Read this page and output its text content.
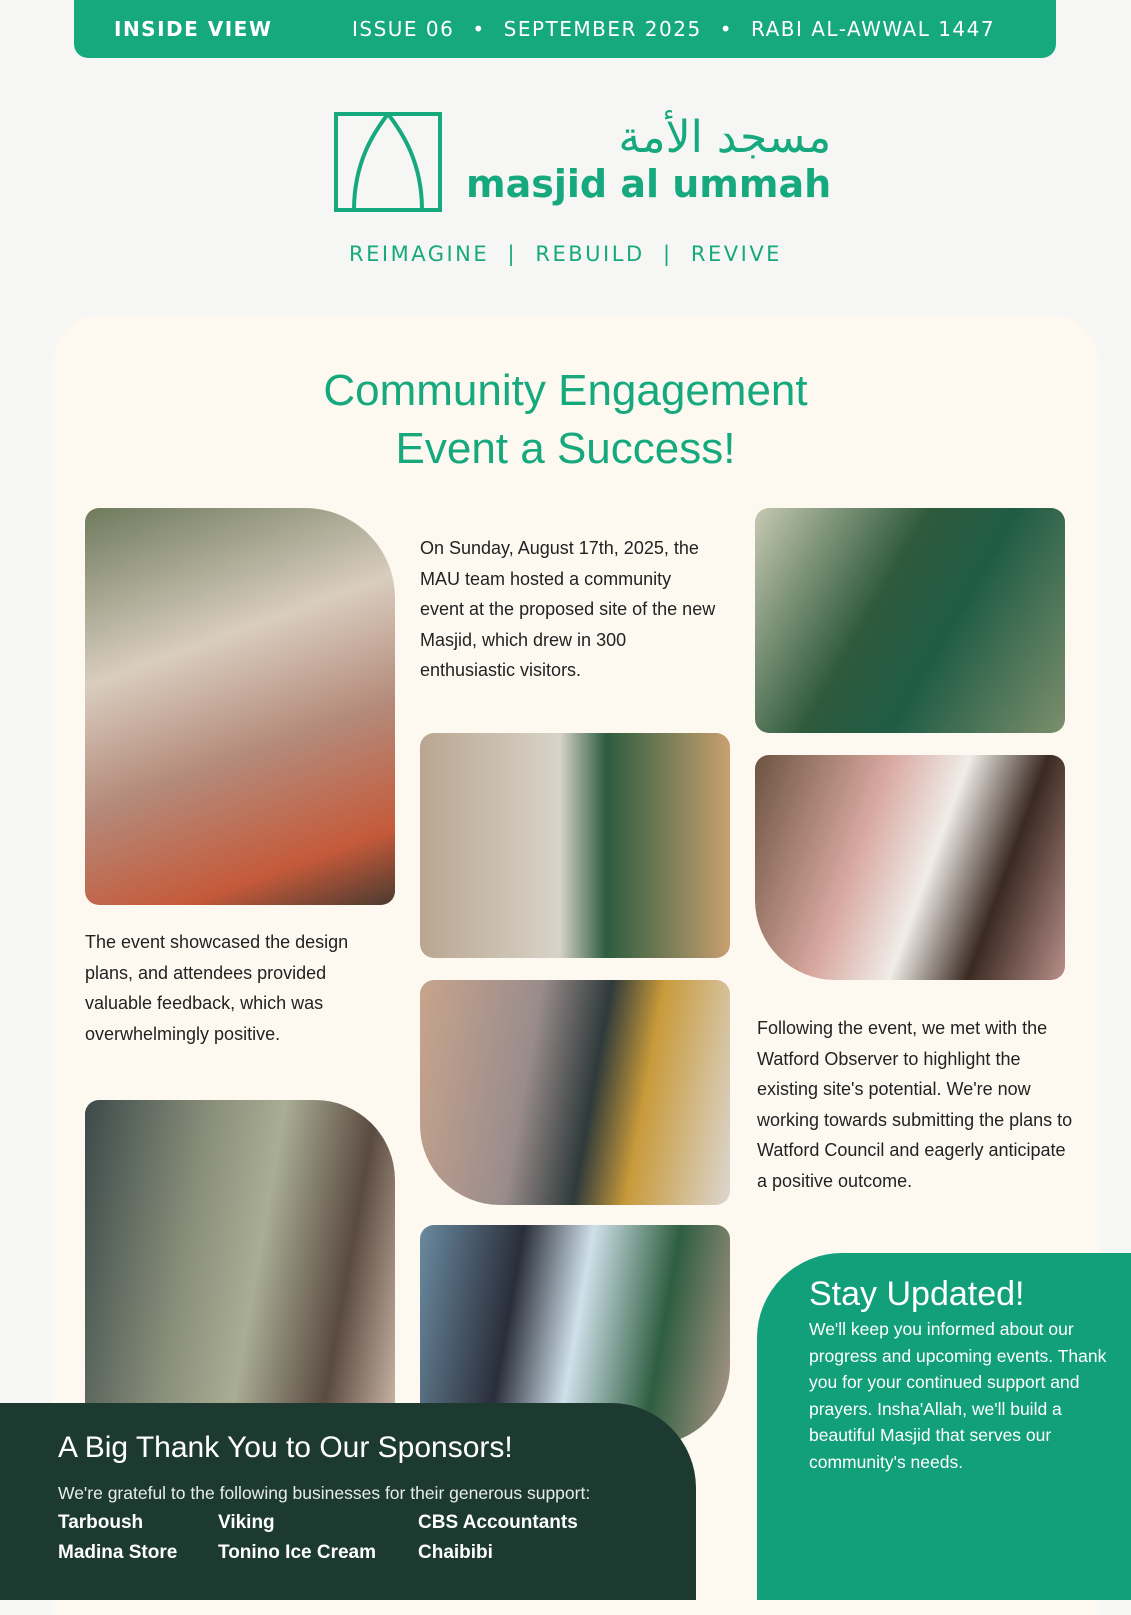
INSIDE VIEW	ISSUE 06 • SEPTEMBER 2025 • RABI AL-AWWAL 1447
مسجد الأمة
masjid al ummah
REIMAGINE  |  REBUILD  |  REVIVE
Community Engagement
Event a Success!
On Sunday, August 17th, 2025, the MAU team hosted a community event at the proposed site of the new Masjid, which drew in 300 enthusiastic visitors.
The event showcased the design plans, and attendees provided valuable feedback, which was overwhelmingly positive.	Following the event, we met with the Watford Observer to highlight the existing site's potential. We're now working towards submitting the plans to Watford Council and eagerly anticipate a positive outcome.
A Big Thank You to Our Sponsors!

We're grateful to the following businesses for their generous support:

Tarboush	Viking	CBS Accountants
Madina Store	Tonino Ice Cream	Chaibibi
Stay Updated!

We'll keep you informed about our progress and upcoming events. Thank you for your continued support and prayers. Insha'Allah, we'll build a beautiful Masjid that serves our community's needs.
